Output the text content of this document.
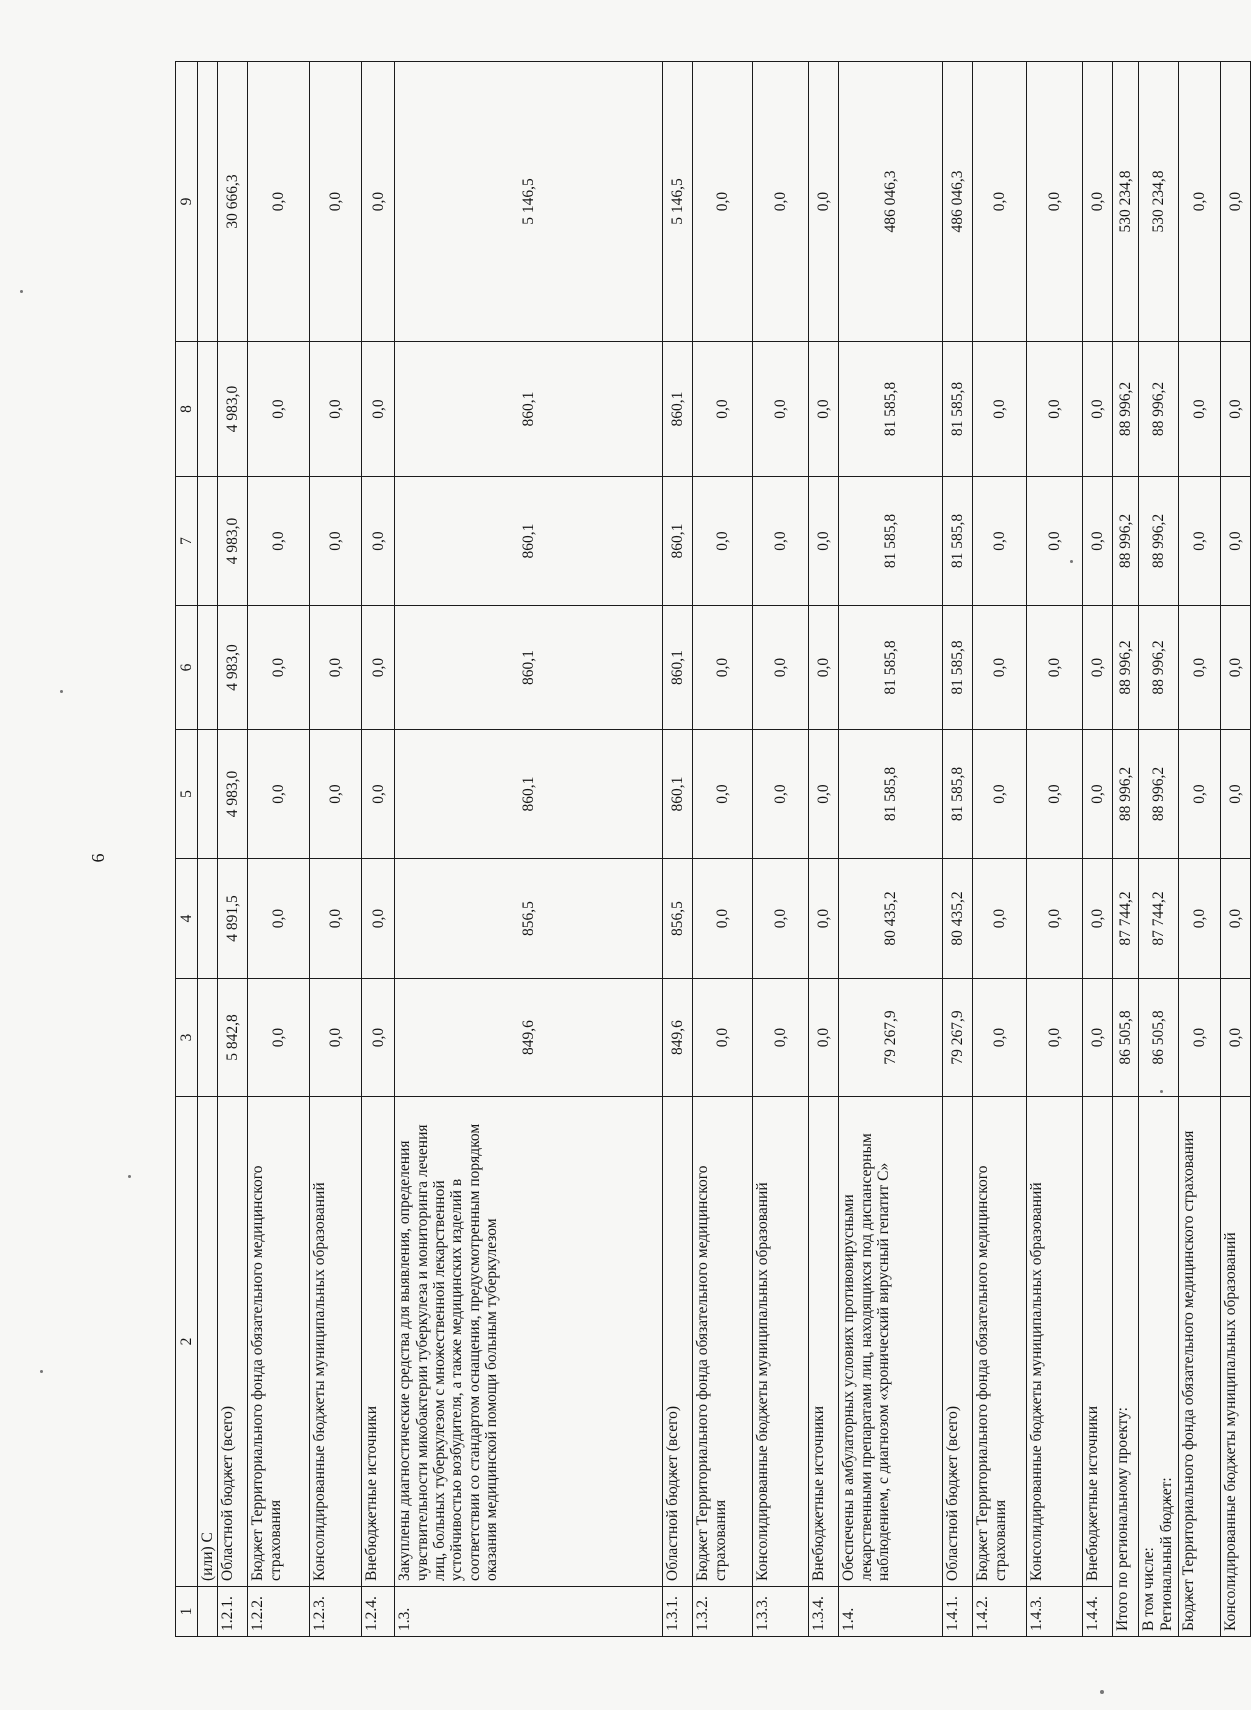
6
1	2	3	4	5	6	7	8	9
	(или) С							
1.2.1.	Областной бюджет (всего)	5 842,8	4 891,5	4 983,0	4 983,0	4 983,0	4 983,0	30 666,3
1.2.2.	Бюджет Территориального фонда обязательного медицинского страхования	0,0	0,0	0,0	0,0	0,0	0,0	0,0
1.2.3.	Консолидированные бюджеты муниципальных образований	0,0	0,0	0,0	0,0	0,0	0,0	0,0
1.2.4.	Внебюджетные источники	0,0	0,0	0,0	0,0	0,0	0,0	0,0
1.3.	Закуплены диагностические средства для выявления, определения чувствительности микобактерии туберкулеза и мониторинга лечения лиц, больных туберкулезом с множественной лекарственной устойчивостью возбудителя, а также медицинских изделий в соответствии со стандартом оснащения, предусмотренным порядком оказания медицинской помощи больным туберкулезом	849,6	856,5	860,1	860,1	860,1	860,1	5 146,5
1.3.1.	Областной бюджет (всего)	849,6	856,5	860,1	860,1	860,1	860,1	5 146,5
1.3.2.	Бюджет Территориального фонда обязательного медицинского страхования	0,0	0,0	0,0	0,0	0,0	0,0	0,0
1.3.3.	Консолидированные бюджеты муниципальных образований	0,0	0,0	0,0	0,0	0,0	0,0	0,0
1.3.4.	Внебюджетные источники	0,0	0,0	0,0	0,0	0,0	0,0	0,0
1.4.	Обеспечены в амбулаторных условиях противовирусными лекарственными препаратами лиц, находящихся под диспансерным наблюдением, с диагнозом «хронический вирусный гепатит С»	79 267,9	80 435,2	81 585,8	81 585,8	81 585,8	81 585,8	486 046,3
1.4.1.	Областной бюджет (всего)	79 267,9	80 435,2	81 585,8	81 585,8	81 585,8	81 585,8	486 046,3
1.4.2.	Бюджет Территориального фонда обязательного медицинского страхования	0,0	0,0	0,0	0,0	0,0	0,0	0,0
1.4.3.	Консолидированные бюджеты муниципальных образований	0,0	0,0	0,0	0,0	0,0	0,0	0,0
1.4.4.	Внебюджетные источники	0,0	0,0	0,0	0,0	0,0	0,0	0,0
Итого по региональному проекту:		86 505,8	87 744,2	88 996,2	88 996,2	88 996,2	88 996,2	530 234,8
В том числе:
Региональный бюджет:		86 505,8	87 744,2	88 996,2	88 996,2	88 996,2	88 996,2	530 234,8
Бюджет Территориального фонда обязательного медицинского страхования		0,0	0,0	0,0	0,0	0,0	0,0	0,0
Консолидированные бюджеты муниципальных образований		0,0	0,0	0,0	0,0	0,0	0,0	0,0
